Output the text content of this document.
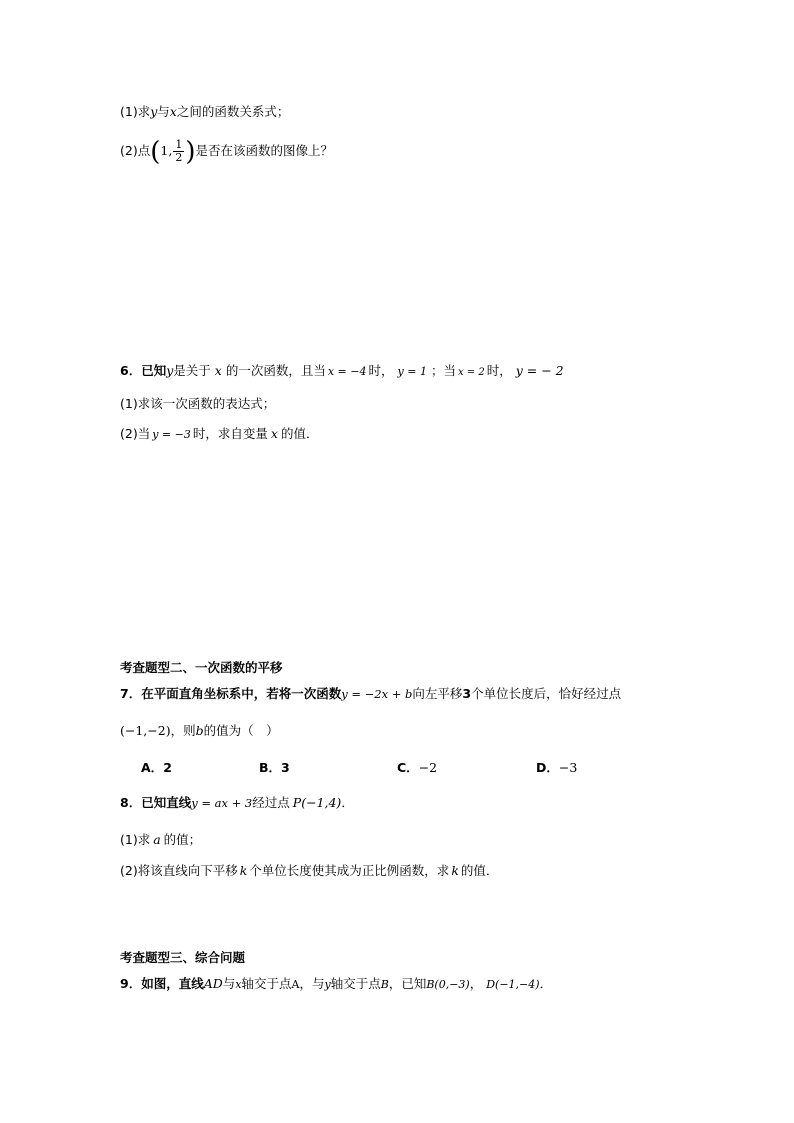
(1)求y与x之间的函数关系式；
(2)点(1, $\frac{1}{2}$ )是否在该函数的图像上？
6．已知y是关于 x 的一次函数，且当 x = −4 时， y = 1 ；当 x = 2 时， y = − 2
(1)求该一次函数的表达式；
(2)当 y = −3 时，求自变量 x 的值．
考查题型二、一次函数的平移
7．在平面直角坐标系中，若将一次函数y = −2x + b向左平移3个单位长度后，恰好经过点
(−1,−2)，则b的值为（　）
A．2	B．3	C．−2	D．−3
8．已知直线y = ax + 3经过点 P(−1,4)．
(1)求 a 的值；
(2)将该直线向下平移 k 个单位长度使其成为正比例函数，求 k 的值．
考查题型三、综合问题
9．如图，直线AD与x轴交于点A，与y轴交于点B，已知B(0,−3)， D(−1,−4)．
